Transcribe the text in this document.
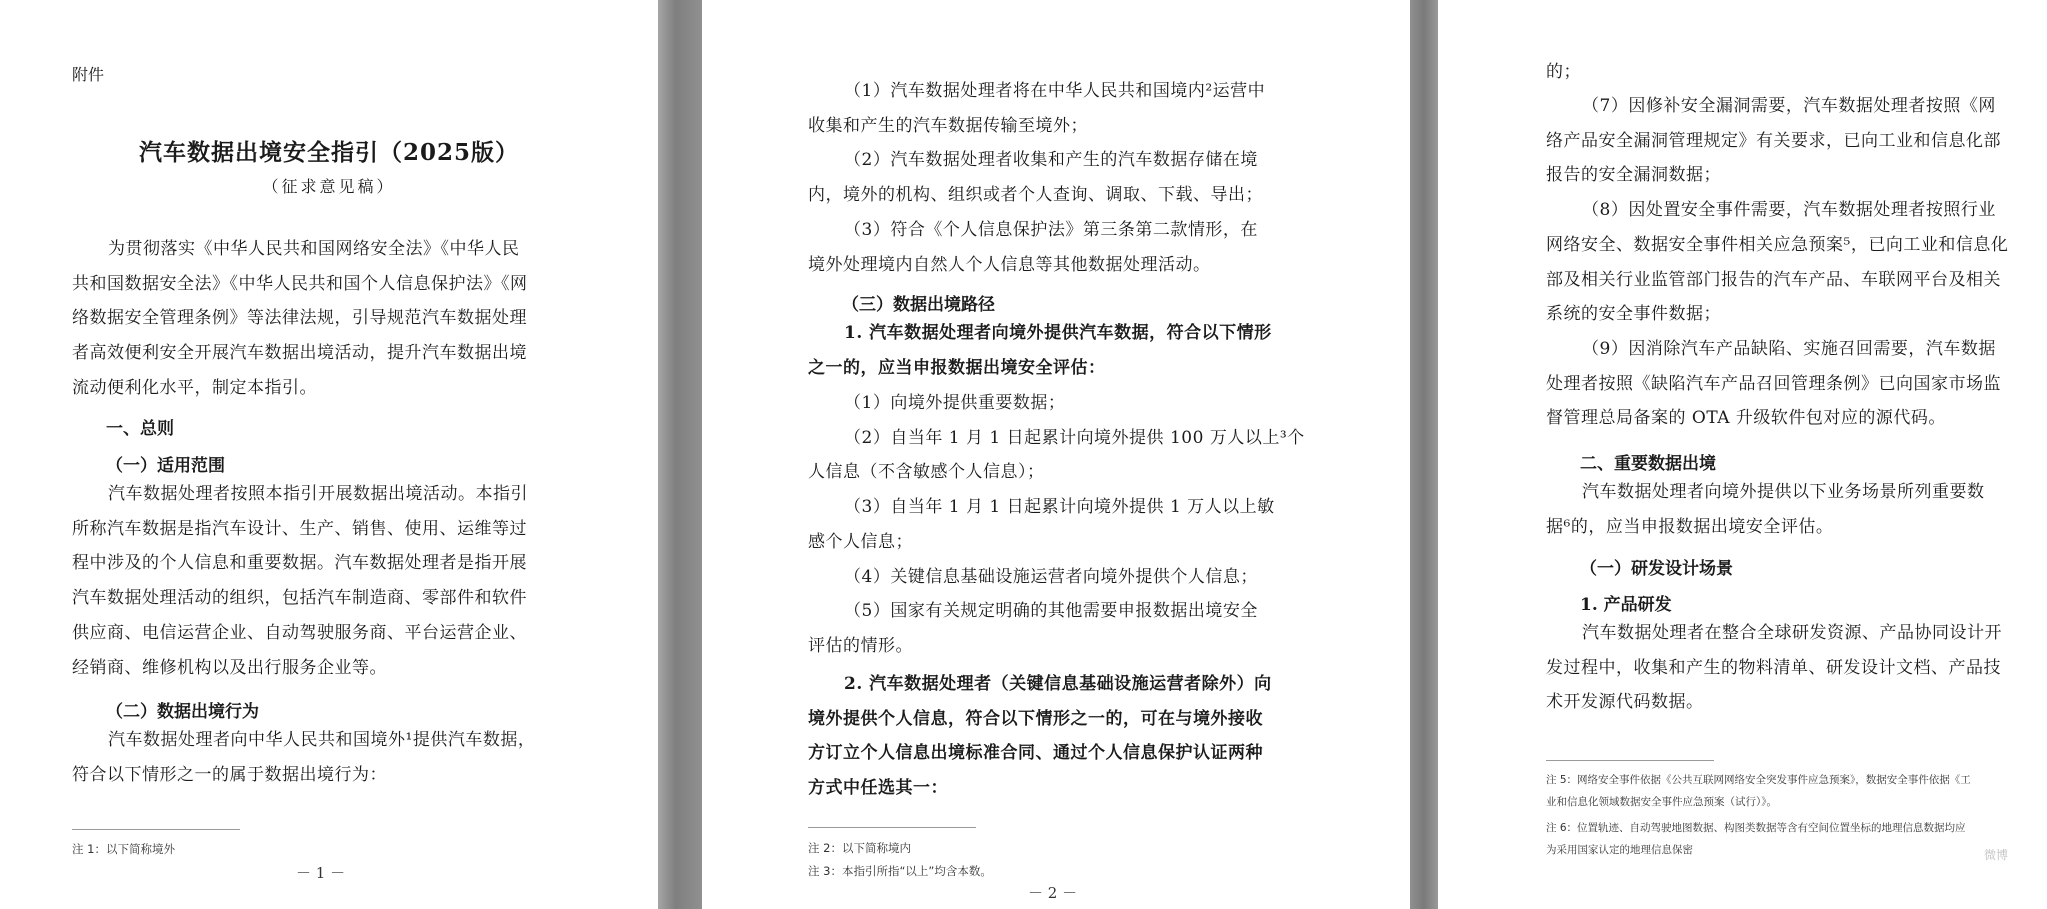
附件
汽车数据出境安全指引（2025版）
（征求意见稿）
为贯彻落实《中华人民共和国网络安全法》《中华人民
共和国数据安全法》《中华人民共和国个人信息保护法》《网
络数据安全管理条例》等法律法规，引导规范汽车数据处理
者高效便利安全开展汽车数据出境活动，提升汽车数据出境
流动便利化水平，制定本指引。
一、总则
（一）适用范围
汽车数据处理者按照本指引开展数据出境活动。本指引
所称汽车数据是指汽车设计、生产、销售、使用、运维等过
程中涉及的个人信息和重要数据。汽车数据处理者是指开展
汽车数据处理活动的组织，包括汽车制造商、零部件和软件
供应商、电信运营企业、自动驾驶服务商、平台运营企业、
经销商、维修机构以及出行服务企业等。
（二）数据出境行为
汽车数据处理者向中华人民共和国境外¹提供汽车数据，
符合以下情形之一的属于数据出境行为：
注 1：以下简称境外
－ 1 －
（1）汽车数据处理者将在中华人民共和国境内²运营中
收集和产生的汽车数据传输至境外；
（2）汽车数据处理者收集和产生的汽车数据存储在境
内，境外的机构、组织或者个人查询、调取、下载、导出；
（3）符合《个人信息保护法》第三条第二款情形，在
境外处理境内自然人个人信息等其他数据处理活动。
（三）数据出境路径
1. 汽车数据处理者向境外提供汽车数据，符合以下情形
之一的，应当申报数据出境安全评估：
（1）向境外提供重要数据；
（2）自当年 1 月 1 日起累计向境外提供 100 万人以上³个
人信息（不含敏感个人信息）；
（3）自当年 1 月 1 日起累计向境外提供 1 万人以上敏
感个人信息；
（4）关键信息基础设施运营者向境外提供个人信息；
（5）国家有关规定明确的其他需要申报数据出境安全
评估的情形。
2. 汽车数据处理者（关键信息基础设施运营者除外）向
境外提供个人信息，符合以下情形之一的，可在与境外接收
方订立个人信息出境标准合同、通过个人信息保护认证两种
方式中任选其一：
注 2：以下简称境内
注 3：本指引所指“以上”均含本数。
－ 2 －
的；
（7）因修补安全漏洞需要，汽车数据处理者按照《网
络产品安全漏洞管理规定》有关要求，已向工业和信息化部
报告的安全漏洞数据；
（8）因处置安全事件需要，汽车数据处理者按照行业
网络安全、数据安全事件相关应急预案⁵，已向工业和信息化
部及相关行业监管部门报告的汽车产品、车联网平台及相关
系统的安全事件数据；
（9）因消除汽车产品缺陷、实施召回需要，汽车数据
处理者按照《缺陷汽车产品召回管理条例》已向国家市场监
督管理总局备案的 OTA 升级软件包对应的源代码。
二、重要数据出境
汽车数据处理者向境外提供以下业务场景所列重要数
据⁶的，应当申报数据出境安全评估。
（一）研发设计场景
1. 产品研发
汽车数据处理者在整合全球研发资源、产品协同设计开
发过程中，收集和产生的物料清单、研发设计文档、产品技
术开发源代码数据。
注 5：网络安全事件依据《公共互联网网络安全突发事件应急预案》，数据安全事件依据《工
业和信息化领域数据安全事件应急预案（试行）》。
注 6：位置轨迹、自动驾驶地图数据、构图类数据等含有空间位置坐标的地理信息数据均应
为采用国家认定的地理信息保密	微博
